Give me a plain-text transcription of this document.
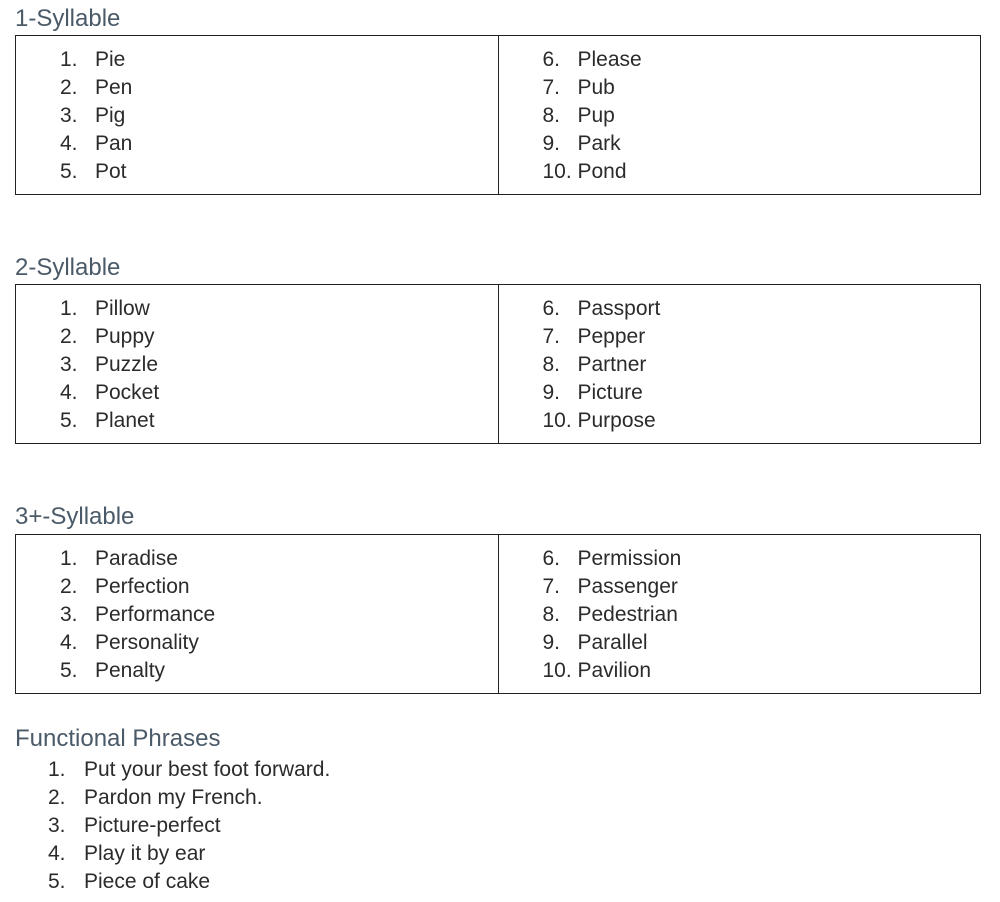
1-Syllable
1. Pie
2. Pen
3. Pig
4. Pan
5. Pot
6. Please
7. Pub
8. Pup
9. Park
10. Pond
2-Syllable
1. Pillow
2. Puppy
3. Puzzle
4. Pocket
5. Planet
6. Passport
7. Pepper
8. Partner
9. Picture
10. Purpose
3+-Syllable
1. Paradise
2. Perfection
3. Performance
4. Personality
5. Penalty
6. Permission
7. Passenger
8. Pedestrian
9. Parallel
10. Pavilion
Functional Phrases
1. Put your best foot forward.
2. Pardon my French.
3. Picture-perfect
4. Play it by ear
5. Piece of cake
